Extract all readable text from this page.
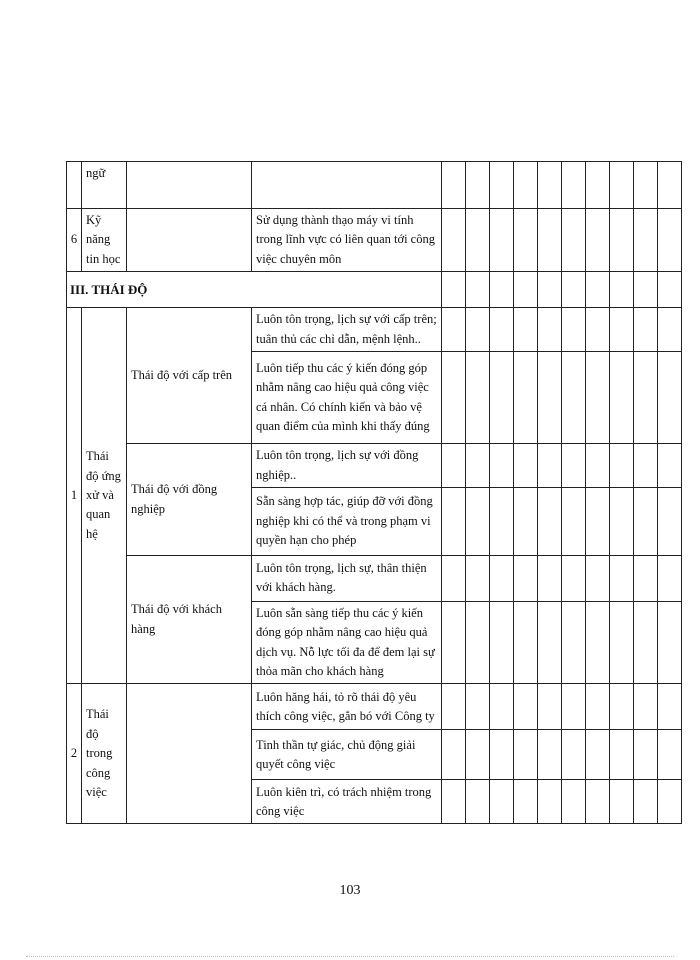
	ngữ												
6	Kỹ năng tin học		Sử dụng thành thạo máy vi tính trong lĩnh vực có liên quan tới công việc chuyên môn										
III. THÁI ĐỘ													
1	Thái độ ứng xử và quan hệ	Thái độ với cấp trên	Luôn tôn trọng, lịch sự với cấp trên; tuân thủ các chỉ dẫn, mệnh lệnh..										
			Luôn tiếp thu các ý kiến đóng góp nhằm nâng cao hiệu quả công việc cá nhân. Có chính kiến và bảo vệ quan điểm của mình khi thấy đúng										
		Thái độ với đồng nghiệp	Luôn tôn trọng, lịch sự với đồng nghiệp..										
			Sẵn sàng hợp tác, giúp đỡ với đồng nghiệp khi có thể và trong phạm vi quyền hạn cho phép										
		Thái độ với khách hàng	Luôn tôn trọng, lịch sự, thân thiện với khách hàng.										
			Luôn sẵn sàng tiếp thu các ý kiến đóng góp nhằm nâng cao hiệu quả dịch vụ. Nỗ lực tối đa để đem lại sự thỏa mãn cho khách hàng										
2	Thái độ trong công việc		Luôn hăng hái, tỏ rõ thái độ yêu thích công việc, gắn bó với Công ty										
			Tinh thần tự giác, chủ động giải quyết công việc										
			Luôn kiên trì, có trách nhiệm trong công việc										
103
